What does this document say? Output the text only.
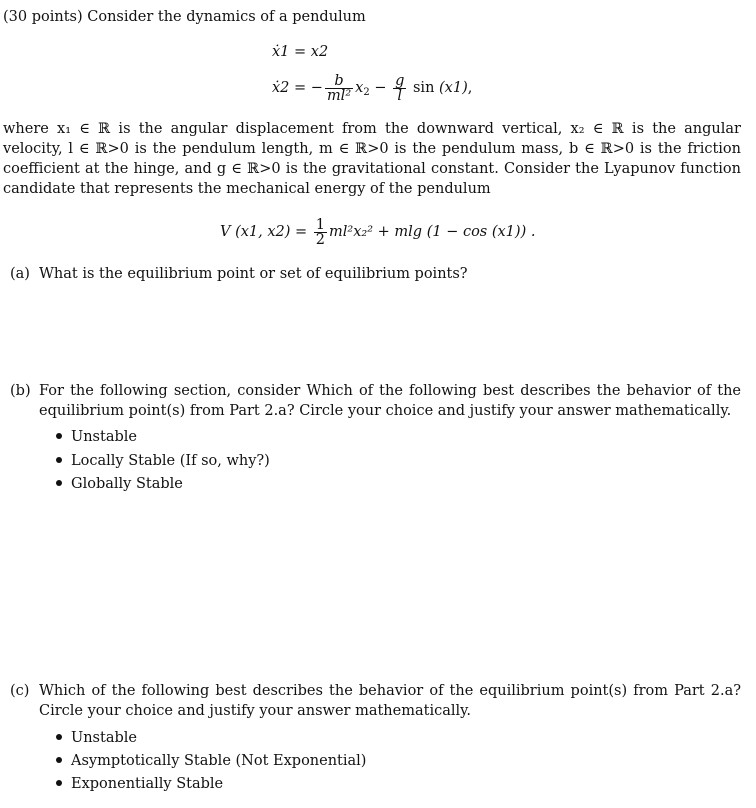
(30 points) Consider the dynamics of a pendulum
ẋ1 = x2
ẋ2 = − $\frac{b}{\text{ml²}} x_2 - \frac{g}{l}$ sin (x1),
where x₁ ∈ ℝ is the angular displacement from the downward vertical, x₂ ∈ ℝ is the angular velocity, l ∈ ℝ>0 is the pendulum length, m ∈ ℝ>0 is the pendulum mass, b ∈ ℝ>0 is the friction coefficient at the hinge, and g ∈ ℝ>0 is the gravitational constant. Consider the Lyapunov function candidate that represents the mechanical energy of the pendulum
V (x1, $x2) = \frac{1}{2} ml^2x_2^2 + mlg$ (1 − cos (x1)) .
(a) What is the equilibrium point or set of equilibrium points?
(b) For the following section, consider Which of the following best describes the behavior of the equilibrium point(s) from Part 2.a? Circle your choice and justify your answer mathematically.
Unstable
Locally Stable (If so, why?)
Globally Stable
(c) Which of the following best describes the behavior of the equilibrium point(s) from Part 2.a? Circle your choice and justify your answer mathematically.
Unstable
Asymptotically Stable (Not Exponential)
Exponentially Stable
